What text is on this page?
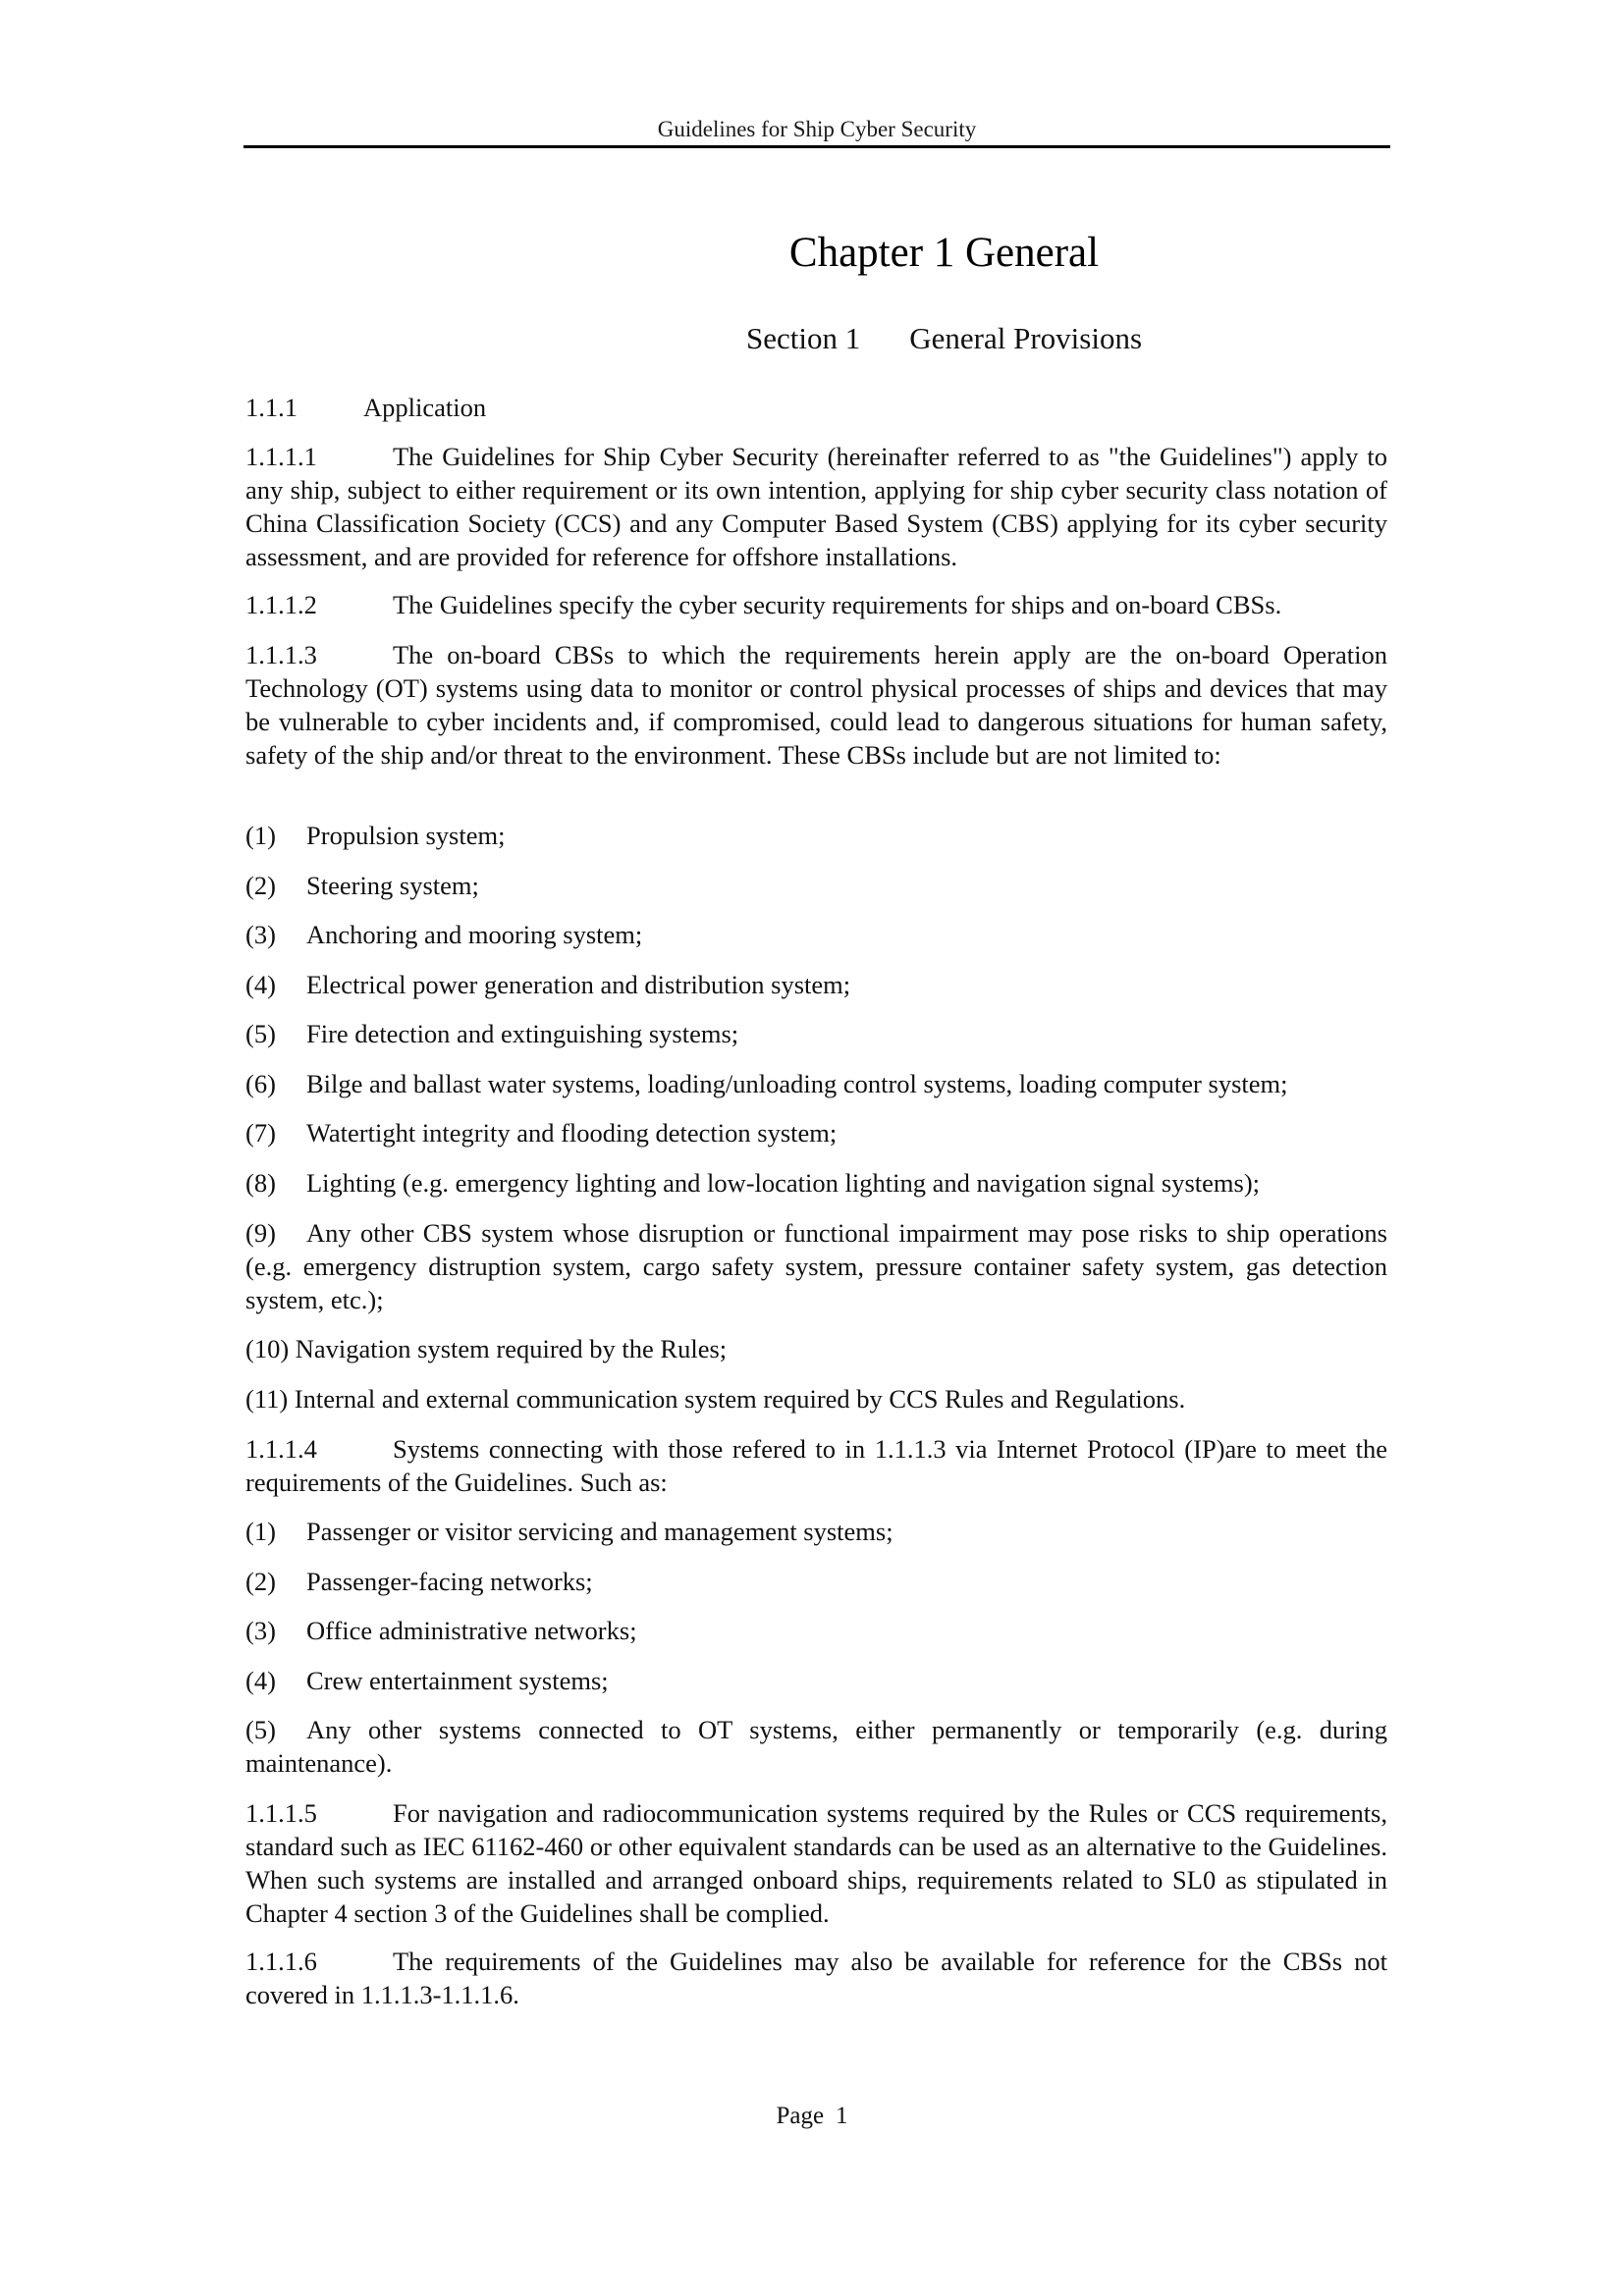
Guidelines for Ship Cyber Security
Chapter 1 General
Section 1 General Provisions
1.1.1	Application
1.1.1.1	The Guidelines for Ship Cyber Security (hereinafter referred to as "the Guidelines") apply to any ship, subject to either requirement or its own intention, applying for ship cyber security class notation of China Classification Society (CCS) and any Computer Based System (CBS) applying for its cyber security assessment, and are provided for reference for offshore installations.
1.1.1.2	The Guidelines specify the cyber security requirements for ships and on-board CBSs.
1.1.1.3	The on-board CBSs to which the requirements herein apply are the on-board Operation Technology (OT) systems using data to monitor or control physical processes of ships and devices that may be vulnerable to cyber incidents and, if compromised, could lead to dangerous situations for human safety, safety of the ship and/or threat to the environment. These CBSs include but are not limited to:
(1) Propulsion system;
(2) Steering system;
(3) Anchoring and mooring system;
(4) Electrical power generation and distribution system;
(5) Fire detection and extinguishing systems;
(6) Bilge and ballast water systems, loading/unloading control systems, loading computer system;
(7) Watertight integrity and flooding detection system;
(8) Lighting (e.g. emergency lighting and low-location lighting and navigation signal systems);
(9) Any other CBS system whose disruption or functional impairment may pose risks to ship operations (e.g. emergency distruption system, cargo safety system, pressure container safety system, gas detection system, etc.);
(10) Navigation system required by the Rules;
(11) Internal and external communication system required by CCS Rules and Regulations.
1.1.1.4	Systems connecting with those refered to in 1.1.1.3 via Internet Protocol (IP)are to meet the requirements of the Guidelines. Such as:
(1) Passenger or visitor servicing and management systems;
(2) Passenger-facing networks;
(3) Office administrative networks;
(4) Crew entertainment systems;
(5) Any other systems connected to OT systems, either permanently or temporarily (e.g. during maintenance).
1.1.1.5	For navigation and radiocommunication systems required by the Rules or CCS requirements, standard such as IEC 61162-460 or other equivalent standards can be used as an alternative to the Guidelines. When such systems are installed and arranged onboard ships, requirements related to SL0 as stipulated in Chapter 4 section 3 of the Guidelines shall be complied.
1.1.1.6	The requirements of the Guidelines may also be available for reference for the CBSs not covered in 1.1.1.3-1.1.1.6.
Page 1
